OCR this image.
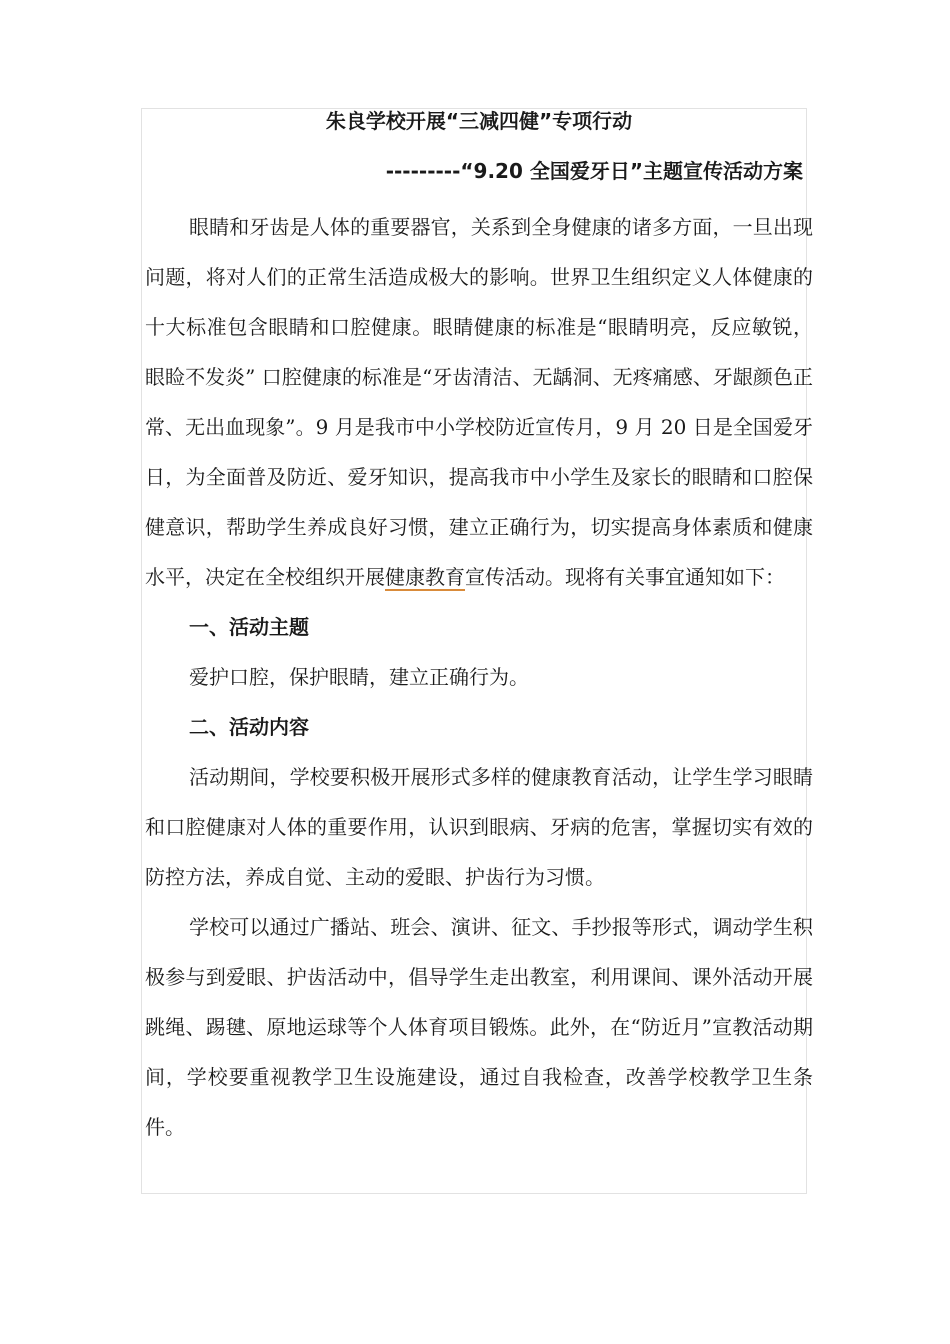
朱良学校开展“三减四健”专项行动
---------“9.20 全国爱牙日”主题宣传活动方案

眼睛和牙齿是人体的重要器官，关系到全身健康的诸多方面，一旦出现问题，将对人们的正常生活造成极大的影响。世界卫生组织定义人体健康的十大标准包含眼睛和口腔健康。眼睛健康的标准是“眼睛明亮，反应敏锐，眼睑不发炎” 口腔健康的标准是“牙齿清洁、无龋洞、无疼痛感、牙龈颜色正常、无出血现象”。9 月是我市中小学校防近宣传月，9 月 20 日是全国爱牙日，为全面普及防近、爱牙知识，提高我市中小学生及家长的眼睛和口腔保健意识，帮助学生养成良好习惯，建立正确行为，切实提高身体素质和健康水平，决定在全校组织开展健康教育宣传活动。现将有关事宜通知如下：

一、活动主题

爱护口腔，保护眼睛，建立正确行为。

二、活动内容

活动期间，学校要积极开展形式多样的健康教育活动，让学生学习眼睛和口腔健康对人体的重要作用，认识到眼病、牙病的危害，掌握切实有效的防控方法，养成自觉、主动的爱眼、护齿行为习惯。

学校可以通过广播站、班会、演讲、征文、手抄报等形式，调动学生积极参与到爱眼、护齿活动中，倡导学生走出教室，利用课间、课外活动开展跳绳、踢毽、原地运球等个人体育项目锻炼。此外，在“防近月”宣教活动期间，学校要重视教学卫生设施建设，通过自我检查，改善学校教学卫生条件。
